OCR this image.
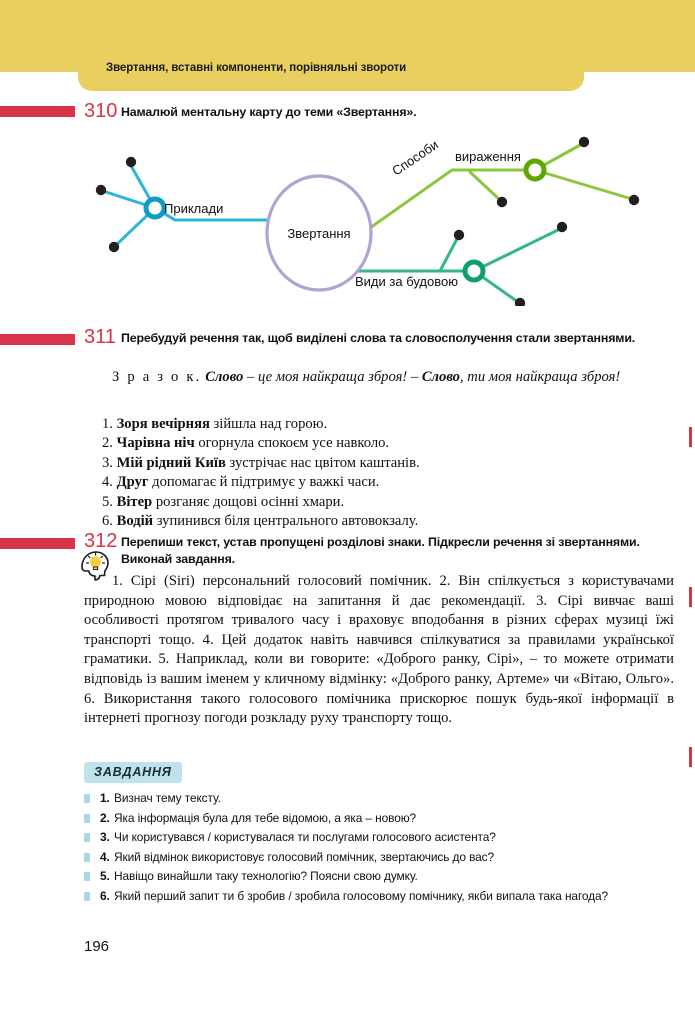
Звертання, вставні компоненти, порівняльні звороти
310 Намалюй ментальну карту до теми «Звертання».
Звертання
Приклади
Способи вираження
Види за будовою
311 Перебудуй речення так, щоб виділені слова та словосполучення стали звертаннями.
З р а з о к. Слово – це моя найкраща зброя! – Слово, ти моя найкраща зброя!
1. Зоря вечірняя зійшла над горою.
2. Чарівна ніч огорнула спокоєм усе навколо.
3. Мій рідний Київ зустрічає нас цвітом каштанів.
4. Друг допомагає й підтримує у важкі часи.
5. Вітер розганяє дощові осінні хмари.
6. Водій зупинився біля центрального автовокзалу.
312 Перепиши текст, устав пропущені розділові знаки. Підкресли речення зі звертаннями. Виконай завдання.
1. Сірі (Siri) персональний голосовий помічник. 2. Він спілкується з користувачами природною мовою відповідає на запитання й дає рекомендації. 3. Сірі вивчає ваші особливості протягом тривалого часу і враховує вподобання в різних сферах музиці їжі транспорті тощо. 4. Цей додаток навіть навчився спілкуватися за правилами української граматики. 5. Наприклад, коли ви говорите: «Доброго ранку, Сірі», – то можете отримати відповідь із вашим іменем у кличному відмінку: «Доброго ранку, Артеме» чи «Вітаю, Ольго». 6. Використання такого голосового помічника прискорює пошук будь-якої інформації в інтернеті прогнозу погоди розкладу руху транспорту тощо.
ЗАВДАННЯ
1. Визнач тему тексту.
2. Яка інформація була для тебе відомою, а яка – новою?
3. Чи користувався / користувалася ти послугами голосового асистента?
4. Який відмінок використовує голосовий помічник, звертаючись до вас?
5. Навіщо винайшли таку технологію? Поясни свою думку.
6. Який перший запит ти б зробив / зробила голосовому помічнику, якби випала така нагода?
196
